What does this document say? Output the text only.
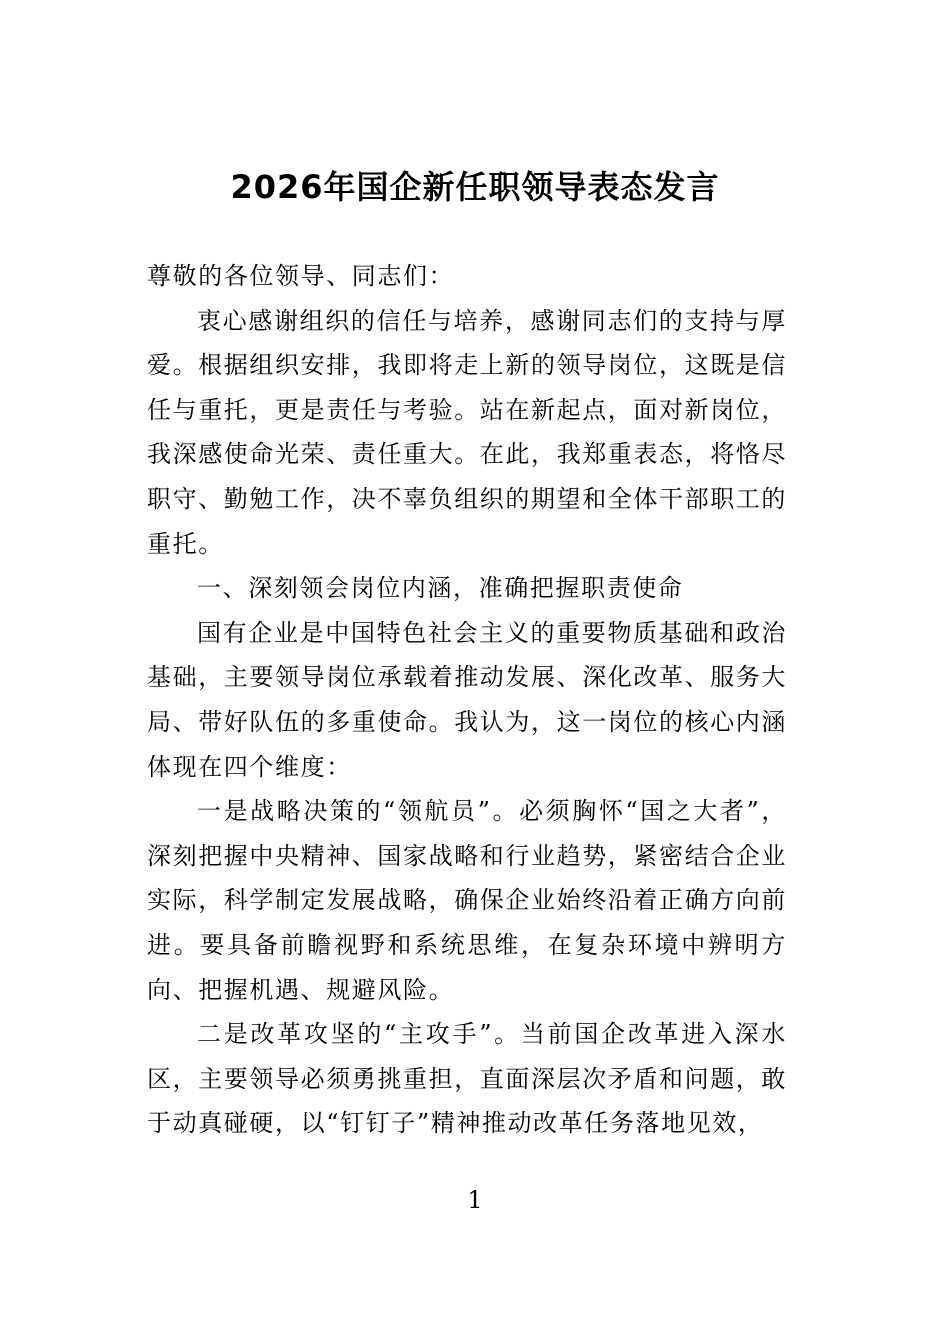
2026年国企新任职领导表态发言

尊敬的各位领导、同志们：

衷心感谢组织的信任与培养，感谢同志们的支持与厚爱。根据组织安排，我即将走上新的领导岗位，这既是信任与重托，更是责任与考验。站在新起点，面对新岗位，我深感使命光荣、责任重大。在此，我郑重表态，将恪尽职守、勤勉工作，决不辜负组织的期望和全体干部职工的重托。

一、深刻领会岗位内涵，准确把握职责使命

国有企业是中国特色社会主义的重要物质基础和政治基础，主要领导岗位承载着推动发展、深化改革、服务大局、带好队伍的多重使命。我认为，这一岗位的核心内涵体现在四个维度：

一是战略决策的“领航员”。必须胸怀“国之大者”，深刻把握中央精神、国家战略和行业趋势，紧密结合企业实际，科学制定发展战略，确保企业始终沿着正确方向前进。要具备前瞻视野和系统思维，在复杂环境中辨明方向、把握机遇、规避风险。

二是改革攻坚的“主攻手”。当前国企改革进入深水区，主要领导必须勇挑重担，直面深层次矛盾和问题，敢于动真碰硬，以“钉钉子”精神推动改革任务落地见效，

1
